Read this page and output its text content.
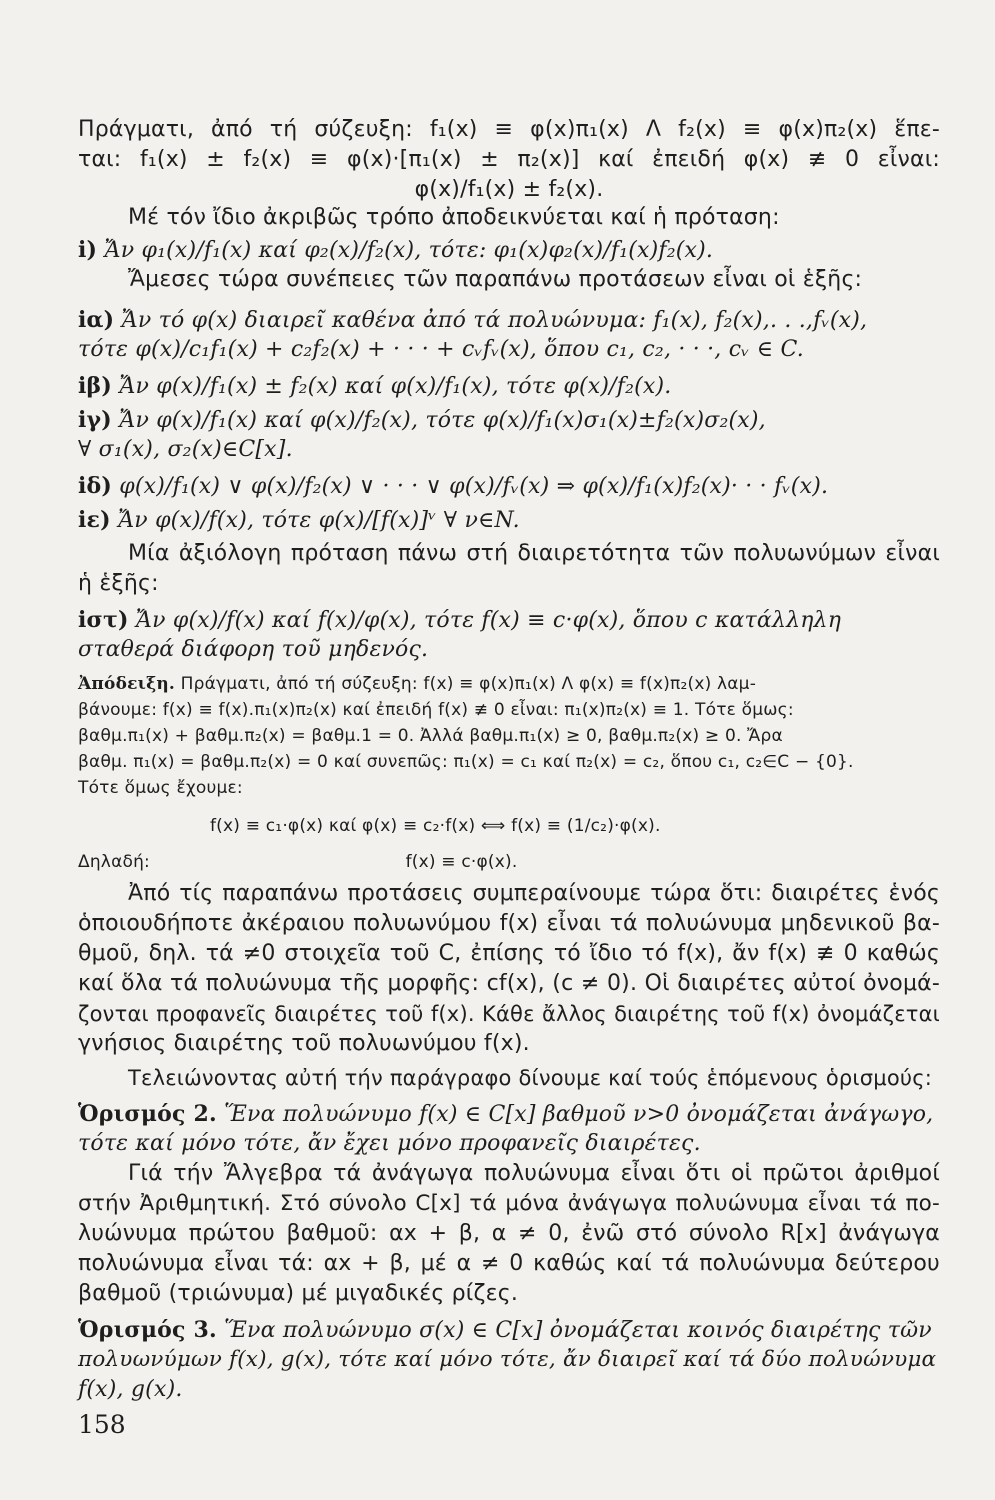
Πράγματι, ἀπό τή σύζευξη: f₁(x) ≡ φ(x)π₁(x) Λ f₂(x) ≡ φ(x)π₂(x) ἕπε-
ται: f₁(x) ± f₂(x) ≡ φ(x)·[π₁(x) ± π₂(x)] καί ἐπειδή φ(x) ≢ 0 εἶναι:
φ(x)/f₁(x) ± f₂(x).
Μέ τόν ἴδιο ἀκριβῶς τρόπο ἀποδεικνύεται καί ἡ πρόταση:
i) Ἄν φ₁(x)/f₁(x) καί φ₂(x)/f₂(x), τότε: φ₁(x)φ₂(x)/f₁(x)f₂(x).
Ἄμεσες τώρα συνέπειες τῶν παραπάνω προτάσεων εἶναι οἱ ἑξῆς:
iα) Ἄν τό φ(x) διαιρεῖ καθένα ἀπό τά πολυώνυμα: f₁(x), f₂(x),. . .,fᵥ(x),
τότε φ(x)/c₁f₁(x) + c₂f₂(x) + · · · + cᵥfᵥ(x), ὅπου c₁, c₂, · · ·, cᵥ ∈ C.
iβ) Ἄν φ(x)/f₁(x) ± f₂(x) καί φ(x)/f₁(x), τότε φ(x)/f₂(x).
iγ) Ἄν φ(x)/f₁(x) καί φ(x)/f₂(x), τότε φ(x)/f₁(x)σ₁(x)±f₂(x)σ₂(x),
∀ σ₁(x), σ₂(x)∈C[x].
iδ) φ(x)/f₁(x) ∨ φ(x)/f₂(x) ∨ · · · ∨ φ(x)/fᵥ(x) ⇒ φ(x)/f₁(x)f₂(x)· · · fᵥ(x).
iε) Ἄν φ(x)/f(x), τότε φ(x)/[f(x)]ᵛ ∀ ν∈N.
Μία ἀξιόλογη πρόταση πάνω στή διαιρετότητα τῶν πολυωνύμων εἶναι
ἡ ἑξῆς:
iστ) Ἄν φ(x)/f(x) καί f(x)/φ(x), τότε f(x) ≡ c·φ(x), ὅπου c κατάλληλη
σταθερά διάφορη τοῦ μηδενός.
Ἀπόδειξη. Πράγματι, ἀπό τή σύζευξη: f(x) ≡ φ(x)π₁(x) Λ φ(x) ≡ f(x)π₂(x) λαμ-
βάνουμε: f(x) ≡ f(x).π₁(x)π₂(x) καί ἐπειδή f(x) ≢ 0 εἶναι: π₁(x)π₂(x) ≡ 1. Τότε ὅμως:
βαθμ.π₁(x) + βαθμ.π₂(x) = βαθμ.1 = 0. Ἀλλά βαθμ.π₁(x) ≥ 0, βαθμ.π₂(x) ≥ 0. Ἄρα
βαθμ. π₁(x) = βαθμ.π₂(x) = 0 καί συνεπῶς: π₁(x) = c₁ καί π₂(x) = c₂, ὅπου c₁, c₂∈C − {0}.
Τότε ὅμως ἔχουμε:
f(x) ≡ c₁·φ(x) καί φ(x) ≡ c₂·f(x) ⟺ f(x) ≡ (1/c₂)·φ(x).
Δηλαδή:	f(x) ≡ c·φ(x).
Ἀπό τίς παραπάνω προτάσεις συμπεραίνουμε τώρα ὅτι: διαιρέτες ἑνός
ὁποιουδήποτε ἀκέραιου πολυωνύμου f(x) εἶναι τά πολυώνυμα μηδενικοῦ βα-
θμοῦ, δηλ. τά ≠0 στοιχεῖα τοῦ C, ἐπίσης τό ἴδιο τό f(x), ἄν f(x) ≢ 0 καθώς
καί ὅλα τά πολυώνυμα τῆς μορφῆς: cf(x), (c ≠ 0). Οἱ διαιρέτες αὐτοί ὀνομά-
ζονται προφανεῖς διαιρέτες τοῦ f(x). Κάθε ἄλλος διαιρέτης τοῦ f(x) ὀνομάζεται
γνήσιος διαιρέτης τοῦ πολυωνύμου f(x).
Τελειώνοντας αὐτή τήν παράγραφο δίνουμε καί τούς ἑπόμενους ὁρισμούς:
Ὁρισμός 2. Ἕνα πολυώνυμο f(x) ∈ C[x] βαθμοῦ ν>0 ὀνομάζεται ἀνάγωγο,
τότε καί μόνο τότε, ἄν ἔχει μόνο προφανεῖς διαιρέτες.
Γιά τήν Ἄλγεβρα τά ἀνάγωγα πολυώνυμα εἶναι ὅτι οἱ πρῶτοι ἀριθμοί
στήν Ἀριθμητική. Στό σύνολο C[x] τά μόνα ἀνάγωγα πολυώνυμα εἶναι τά πο-
λυώνυμα πρώτου βαθμοῦ: αx + β, α ≠ 0, ἐνῶ στό σύνολο R[x] ἀνάγωγα
πολυώνυμα εἶναι τά: αx + β, μέ α ≠ 0 καθώς καί τά πολυώνυμα δεύτερου
βαθμοῦ (τριώνυμα) μέ μιγαδικές ρίζες.
Ὁρισμός 3. Ἕνα πολυώνυμο σ(x) ∈ C[x] ὀνομάζεται κοινός διαιρέτης τῶν
πολυωνύμων f(x), g(x), τότε καί μόνο τότε, ἄν διαιρεῖ καί τά δύο πολυώνυμα
f(x), g(x).
158
